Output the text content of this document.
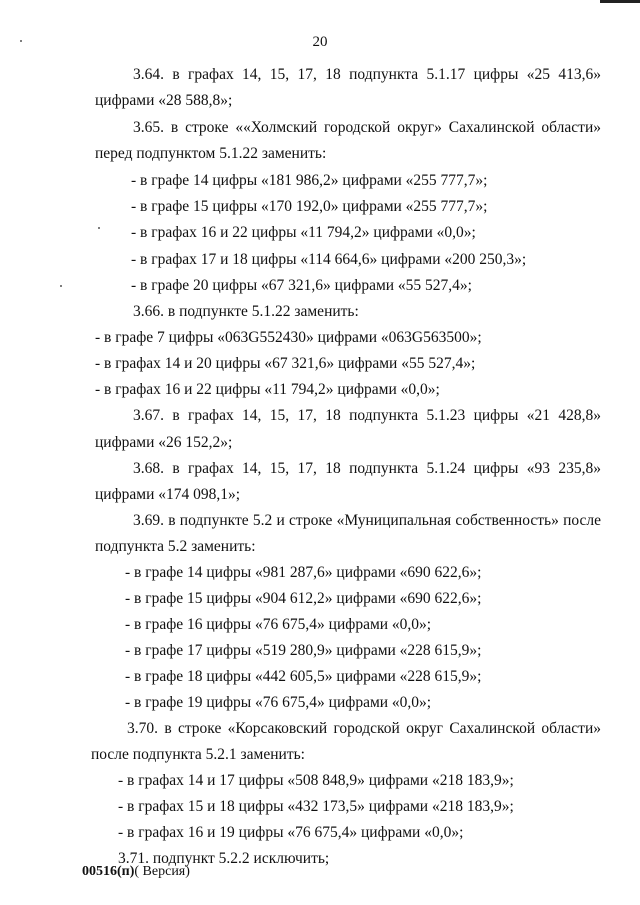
20
3.64. в графах 14, 15, 17, 18 подпункта 5.1.17 цифры «25 413,6»
цифрами «28 588,8»;
3.65. в строке ««Холмский городской округ» Сахалинской области»
перед подпунктом 5.1.22 заменить:
- в графе 14 цифры «181 986,2» цифрами «255 777,7»;
- в графе 15 цифры «170 192,0» цифрами «255 777,7»;
- в графах 16 и 22 цифры «11 794,2» цифрами «0,0»;
- в графах 17 и 18 цифры «114 664,6» цифрами «200 250,3»;
- в графе 20 цифры «67 321,6» цифрами «55 527,4»;
3.66. в подпункте 5.1.22 заменить:
- в графе 7 цифры «063G552430» цифрами «063G563500»;
- в графах 14 и 20 цифры «67 321,6» цифрами «55 527,4»;
- в графах 16 и 22 цифры «11 794,2» цифрами «0,0»;
3.67. в графах 14, 15, 17, 18 подпункта 5.1.23 цифры «21 428,8»
цифрами «26 152,2»;
3.68. в графах 14, 15, 17, 18 подпункта 5.1.24 цифры «93 235,8»
цифрами «174 098,1»;
3.69. в подпункте 5.2 и строке «Муниципальная собственность» после
подпункта 5.2 заменить:
- в графе 14 цифры «981 287,6» цифрами «690 622,6»;
- в графе 15 цифры «904 612,2» цифрами «690 622,6»;
- в графе 16 цифры «76 675,4» цифрами «0,0»;
- в графе 17 цифры «519 280,9» цифрами «228 615,9»;
- в графе 18 цифры «442 605,5» цифрами «228 615,9»;
- в графе 19 цифры «76 675,4» цифрами «0,0»;
3.70. в строке «Корсаковский городской округ Сахалинской области»
после подпункта 5.2.1 заменить:
- в графах 14 и 17 цифры «508 848,9» цифрами «218 183,9»;
- в графах 15 и 18 цифры «432 173,5» цифрами «218 183,9»;
- в графах 16 и 19 цифры «76 675,4» цифрами «0,0»;
3.71. подпункт 5.2.2 исключить;
00516(п)( Версия)
